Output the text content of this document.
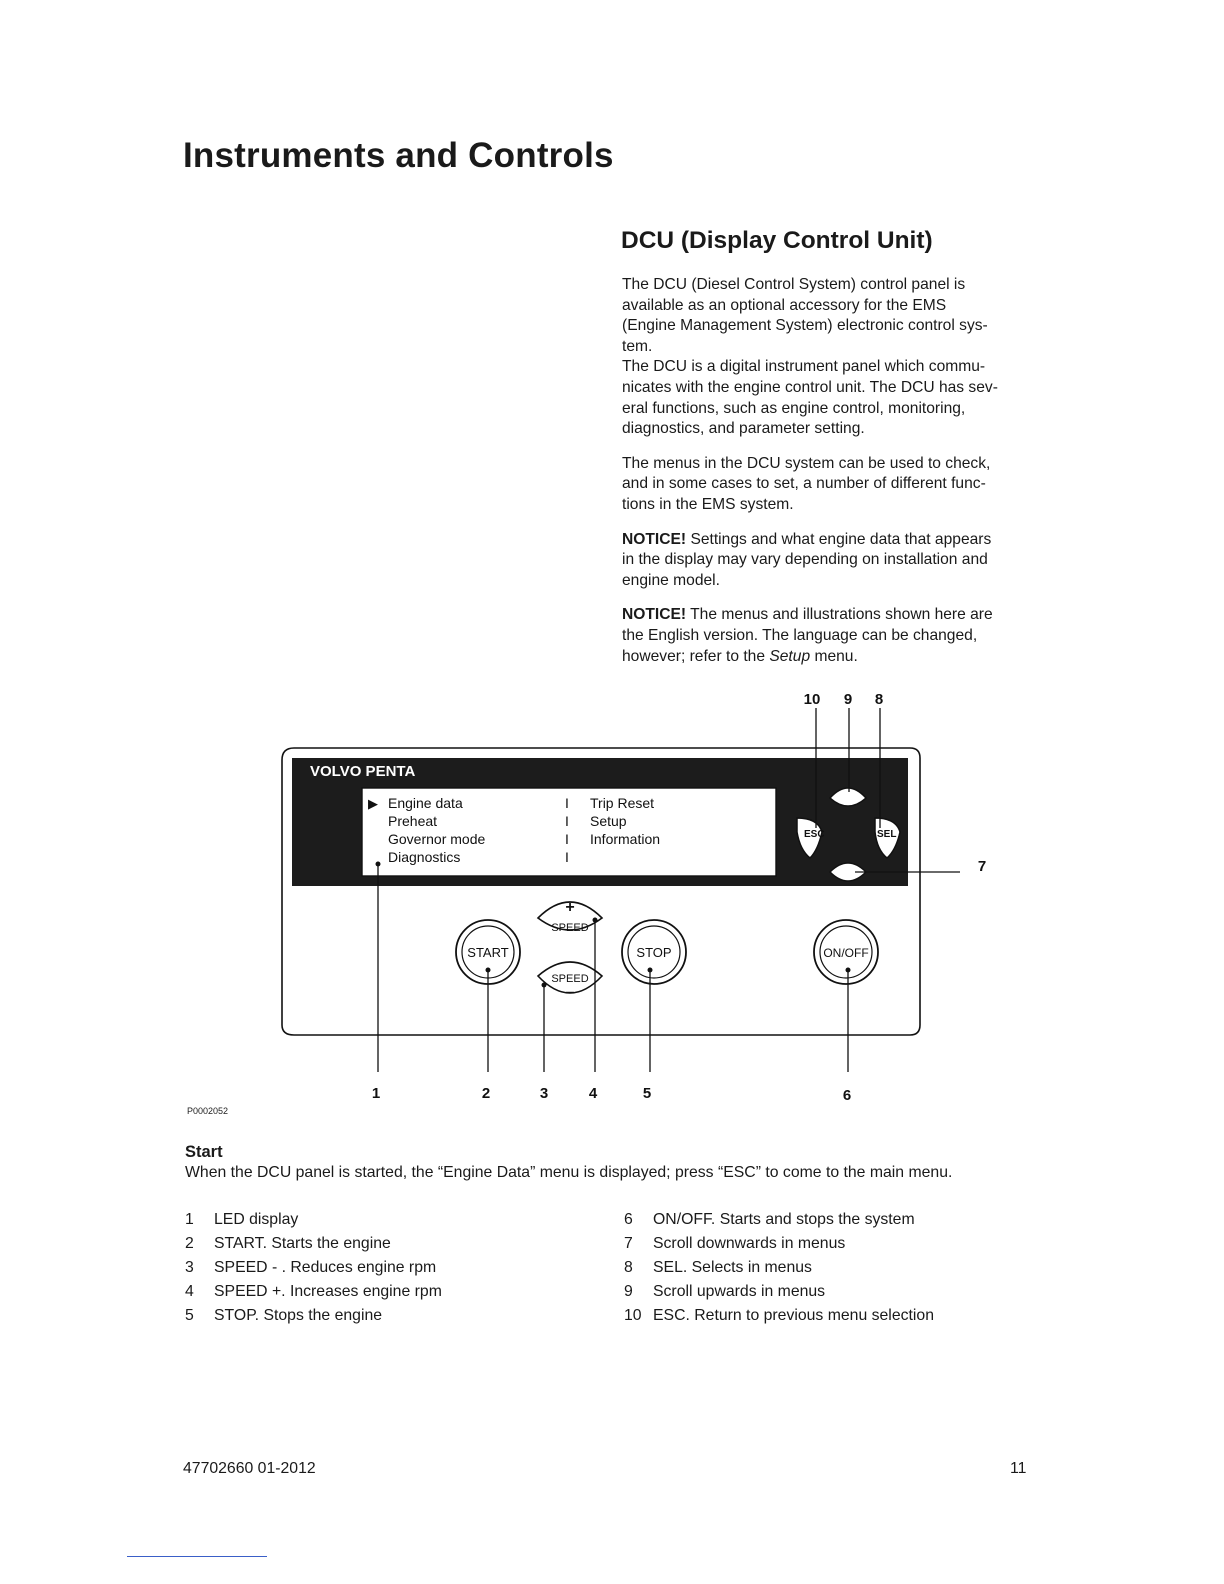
Instruments and Controls
DCU (Display Control Unit)

The DCU (Diesel Control System) control panel is
available as an optional accessory for the EMS
(Engine Management System) electronic control sys-
tem.
The DCU is a digital instrument panel which commu-
nicates with the engine control unit. The DCU has sev-
eral functions, such as engine control, monitoring,
diagnostics, and parameter setting.

The menus in the DCU system can be used to check,
and in some cases to set, a number of different func-
tions in the EMS system.

NOTICE! Settings and what engine data that appears
in the display may vary depending on installation and
engine model.

NOTICE! The menus and illustrations shown here are
the English version. The language can be changed,
however; refer to the Setup menu.

VOLVO PENTA
▶ Engine data
Preheat
Governor mode
Diagnostics
I
I
I
I
Trip Reset
Setup
Information	ESC	SEL
START
+
SPEED
SPEED
−
STOP	ON/OFF
1	2	3	4	5	6
7
8
9
10
P0002052
Start
When the DCU panel is started, the “Engine Data” menu is displayed; press “ESC” to come to the main menu.
1 LED display
2 START. Starts the engine
3 SPEED - . Reduces engine rpm
4 SPEED +. Increases engine rpm
5 STOP. Stops the engine
6 ON/OFF. Starts and stops the system
7 Scroll downwards in menus
8 SEL. Selects in menus
9 Scroll upwards in menus
10 ESC. Return to previous menu selection
47702660 01-2012	11
